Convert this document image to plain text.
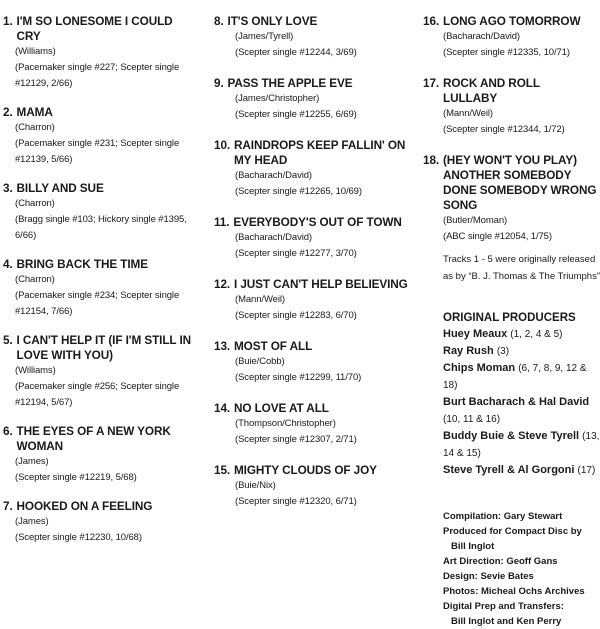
1. I'M SO LONESOME I COULD CRY
(Williams)
(Pacemaker single #227; Scepter single #12129, 2/66)
2. MAMA
(Charron)
(Pacemaker single #231; Scepter single #12139, 5/66)
3. BILLY AND SUE
(Charron)
(Bragg single #103; Hickory single #1395, 6/66)
4. BRING BACK THE TIME
(Charron)
(Pacemaker single #234; Scepter single #12154, 7/66)
5. I CAN'T HELP IT (IF I'M STILL IN LOVE WITH YOU)
(Williams)
(Pacemaker single #256; Scepter single #12194, 5/67)
6. THE EYES OF A NEW YORK WOMAN
(James)
(Scepter single #12219, 5/68)
7. HOOKED ON A FEELING
(James)
(Scepter single #12230, 10/68)
8. IT'S ONLY LOVE
(James/Tyrell)
(Scepter single #12244, 3/69)
9. PASS THE APPLE EVE
(James/Christopher)
(Scepter single #12255, 6/69)
10. RAINDROPS KEEP FALLIN' ON MY HEAD
(Bacharach/David)
(Scepter single #12265, 10/69)
11. EVERYBODY'S OUT OF TOWN
(Bacharach/David)
(Scepter single #12277, 3/70)
12. I JUST CAN'T HELP BELIEVING
(Mann/Weil)
(Scepter single #12283, 6/70)
13. MOST OF ALL
(Buie/Cobb)
(Scepter single #12299, 11/70)
14. NO LOVE AT ALL
(Thompson/Christopher)
(Scepter single #12307, 2/71)
15. MIGHTY CLOUDS OF JOY
(Buie/Nix)
(Scepter single #12320, 6/71)
16. LONG AGO TOMORROW
(Bacharach/David)
(Scepter single #12335, 10/71)
17. ROCK AND ROLL LULLABY
(Mann/Weil)
(Scepter single #12344, 1/72)
18. (HEY WON'T YOU PLAY) ANOTHER SOMEBODY DONE SOMEBODY WRONG SONG
(Butler/Moman)
(ABC single #12054, 1/75)
Tracks 1 - 5 were originally released as by “B. J. Thomas & The Triumphs”
ORIGINAL PRODUCERS
Huey Meaux (1, 2, 4 & 5)
Ray Rush (3)
Chips Moman (6, 7, 8, 9, 12 & 18)
Burt Bacharach & Hal David (10, 11 & 16)
Buddy Buie & Steve Tyrell (13, 14 & 15)
Steve Tyrell & Al Gorgoni (17)
Compilation: Gary Stewart
Produced for Compact Disc by
Bill Inglot
Art Direction: Geoff Gans
Design: Sevie Bates
Photos: Micheal Ochs Archives
Digital Prep and Transfers:
Bill Inglot and Ken Perry
